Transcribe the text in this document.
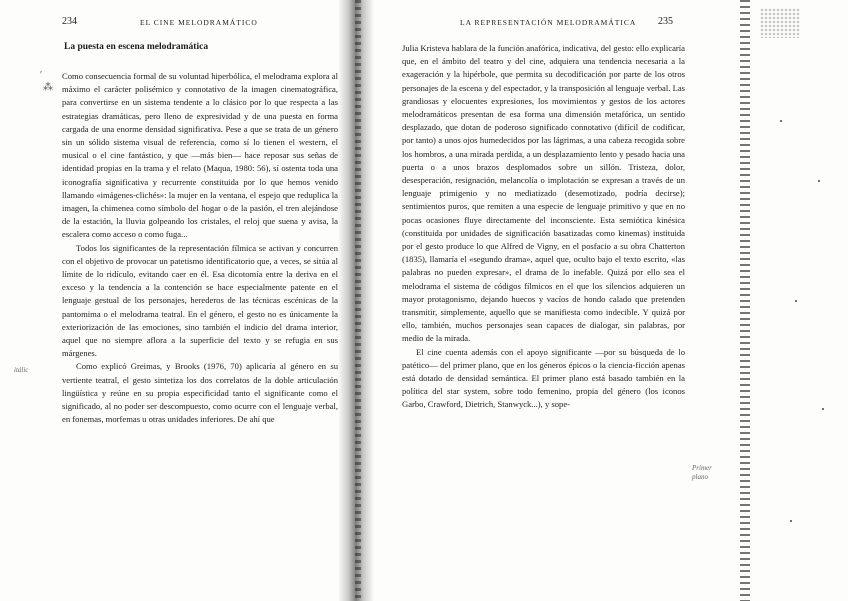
234	EL CINE MELODRAMÁTICO
La puesta en escena melodramática
′
⁂

Como consecuencia formal de su voluntad hiperbólica, el melodrama explora al máximo el carácter polisémico y connotativo de la imagen cinematográfica, para convertirse en un sistema tendente a lo clásico por lo que respecta a las estrategias dramáticas, pero lleno de expresividad y de una puesta en forma cargada de una enorme densidad significativa. Pese a que se trata de un género sin un sólido sistema visual de referencia, como sí lo tienen el western, el musical o el cine fantástico, y que —más bien— hace reposar sus señas de identidad propias en la trama y el relato (Maqua, 1980: 56), sí ostenta toda una iconografía significativa y recurrente constituida por lo que hemos venido llamando «imágenes-clichés»: la mujer en la ventana, el espejo que reduplica la imagen, la chimenea como símbolo del hogar o de la pasión, el tren alejándose de la estación, la lluvia golpeando los cristales, el reloj que suena y avisa, la escalera como acceso o como fuga...

Todos los significantes de la representación fílmica se activan y concurren con el objetivo de provocar un patetismo identificatorio que, a veces, se sitúa al límite de lo ridículo, evitando caer en él. Esa dicotomía entre la deriva en el exceso y la tendencia a la contención se hace especialmente patente en el lenguaje gestual de los personajes, herederos de las técnicas escénicas de la pantomima o el melodrama teatral. En el género, el gesto no es únicamente la exteriorización de las emociones, sino también el indicio del drama interior, aquel que no siempre aflora a la superficie del texto y se refugia en sus márgenes.

Como explicó Greimas, y Brooks (1976, 70) aplicaría al género en su vertiente teatral, el gesto sintetiza los dos correlatos de la doble articulación lingüística y reúne en su propia especificidad tanto el significante como el significado, al no poder ser descompuesto, como ocurre con el lenguaje verbal, en fonemas, morfemas u otras unidades inferiores. De ahí que

itálic
LA REPRESENTACIÓN MELODRAMÁTICA 235

Julia Kristeva hablara de la función anafórica, indicativa, del gesto: ello explicaría que, en el ámbito del teatro y del cine, adquiera una tendencia necesaria a la exageración y la hipérbole, que permita su decodificación por parte de los otros personajes de la escena y del espectador, y la transposición al lenguaje verbal. Las grandiosas y elocuentes expresiones, los movimientos y gestos de los actores melodramáticos presentan de esa forma una dimensión metafórica, un sentido desplazado, que dotan de poderoso significado connotativo (difícil de codificar, por tanto) a unos ojos humedecidos por las lágrimas, a una cabeza recogida sobre los hombros, a una mirada perdida, a un desplazamiento lento y pesado hacia una puerta o a unos brazos desplomados sobre un sillón. Tristeza, dolor, desesperación, resignación, melancolía o implotación se expresan a través de un lenguaje primigenio y no mediatizado (desemotizado, podría decirse); sentimientos puros, que remiten a una especie de lenguaje primitivo y que en no pocas ocasiones fluye directamente del inconsciente. Esta semiótica kinésica (constituida por unidades de significación basatizadas como kinemas) instituida por el gesto produce lo que Alfred de Vigny, en el posfacio a su obra Chatterton (1835), llamaría el «segundo drama», aquel que, oculto bajo el texto escrito, «las palabras no pueden expresar», el drama de lo inefable. Quizá por ello sea el melodrama el sistema de códigos fílmicos en el que los silencios adquieren un mayor protagonismo, dejando huecos y vacíos de hondo calado que pretenden transmitir, simplemente, aquello que se manifiesta como indecible. Y quizá por ello, también, muchos personajes sean capaces de dialogar, sin palabras, por medio de la mirada.

El cine cuenta además con el apoyo significante —por su búsqueda de lo patético— del primer plano, que en los géneros épicos o la ciencia-ficción apenas está dotado de densidad semántica. El primer plano está basado también en la política del star system, sobre todo femenino, propia del género (los iconos Garbo, Crawford, Dietrich, Stanwyck...), y sope-

Primer plano
